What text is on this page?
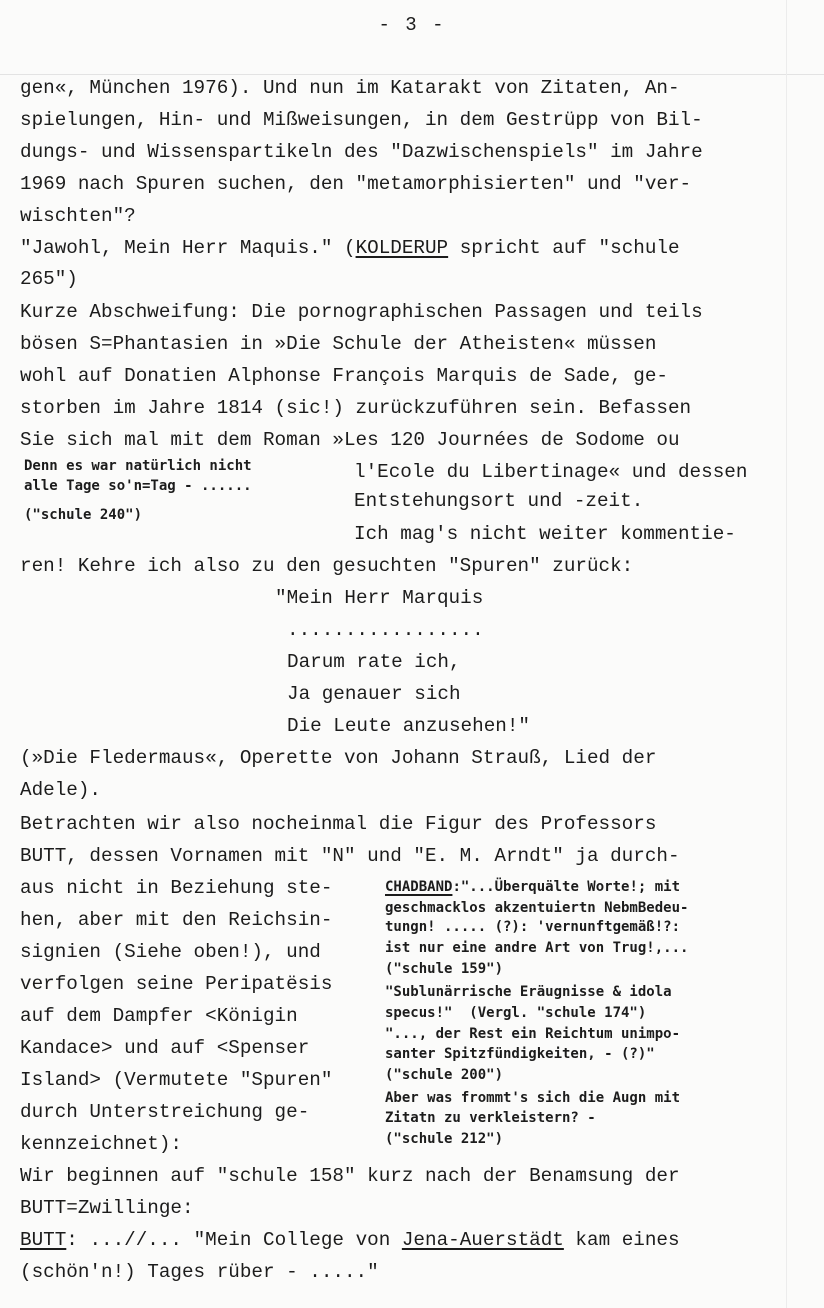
- 3 -
gen«, München 1976). Und nun im Katarakt von Zitaten, An-
spielungen, Hin- und Mißweisungen, in dem Gestrüpp von Bil-
dungs- und Wissenspartikeln des "Dazwischenspiels" im Jahre
1969 nach Spuren suchen, den "metamorphisierten" und "ver-
wischten"?
"Jawohl, Mein Herr Maquis." (KOLDERUP spricht auf "schule
265")
Kurze Abschweifung: Die pornographischen Passagen und teils
bösen S=Phantasien in »Die Schule der Atheisten« müssen
wohl auf Donatien Alphonse François Marquis de Sade, ge-
storben im Jahre 1814 (sic!) zurückzuführen sein. Befassen
Sie sich mal mit dem Roman »Les 120 Journées de Sodome ou
l'Ecole du Libertinage« und dessen
Entstehungsort und -zeit.
Ich mag's nicht weiter kommentie-
Denn es war natürlich nicht
alle Tage so'n=Tag - ......
("schule 240")
ren! Kehre ich also zu den gesuchten "Spuren" zurück:
"Mein Herr Marquis
.................
Darum rate ich,
Ja genauer sich
Die Leute anzusehen!"
(»Die Fledermaus«, Operette von Johann Strauß, Lied der
Adele).
Betrachten wir also nocheinmal die Figur des Professors
BUTT, dessen Vornamen mit "N" und "E. M. Arndt" ja durch-
aus nicht in Beziehung ste-
hen, aber mit den Reichsin-
signien (Siehe oben!), und
verfolgen seine Peripatësis
auf dem Dampfer <Königin
Kandace> und auf <Spenser
Island> (Vermutete "Spuren"
durch Unterstreichung ge-
kennzeichnet):
CHADBAND:"...Überquälte Worte!; mit
geschmacklos akzentuiertn NebmBedeu-
tungn! ..... (?): 'vernunftgemäß!?:
ist nur eine andre Art von Trug!,...
("schule 159")
"Sublunärrische Eräugnisse & idola
specus!"  (Vergl. "schule 174")
"..., der Rest ein Reichtum unimpo-
santer Spitzfündigkeiten, - (?)"
("schule 200")
Aber was frommt's sich die Augn mit
Zitatn zu verkleistern? -
("schule 212")
Wir beginnen auf "schule 158" kurz nach der Benamsung der
BUTT=Zwillinge:
BUTT: ...//... "Mein College von Jena-Auerstädt kam eines
(schön'n!) Tages rüber - ....."
